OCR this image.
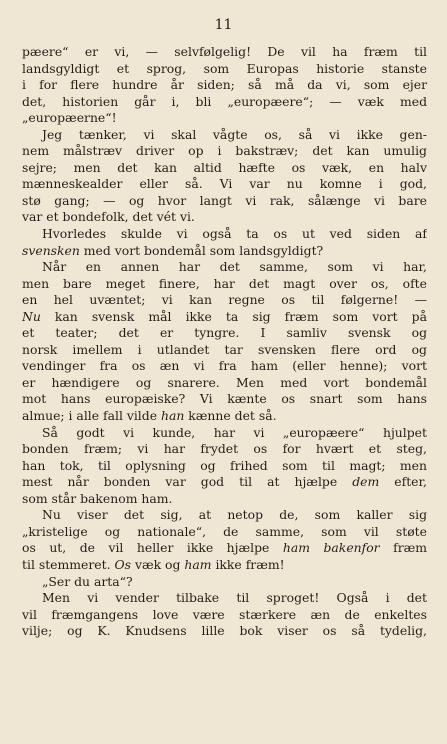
11
pæere“ er vi, — selvfølgelig! De vil ha fræm til
landsgyldigt et sprog, som Europas historie stanste
i for flere hundre år siden; så må da vi, som ejer
det, historien går i, bli „europæere“; — væk med
„europæerne“!
Jeg tænker, vi skal vågte os, så vi ikke gen-
nem målstræv driver op i bakstræv; det kan umulig
sejre; men det kan altid hæfte os væk, en halv
mænneskealder eller så. Vi var nu komne i god,
stø gang; — og hvor langt vi rak, sålænge vi bare
var et bondefolk, det vét vi.
Hvorledes skulde vi også ta os ut ved siden af
svensken med vort bondemål som landsgyldigt?
Når en annen har det samme, som vi har,
men bare meget finere, har det magt over os, ofte
en hel uvæntet; vi kan regne os til følgerne! —
Nu kan svensk mål ikke ta sig fræm som vort på
et teater; det er tyngre. I samliv svensk og
norsk imellem i utlandet tar svensken flere ord og
vendinger fra os æn vi fra ham (eller henne); vort
er hændigere og snarere. Men med vort bondemål
mot hans europæiske? Vi kænte os snart som hans
almue; i alle fall vilde han kænne det så.
Så godt vi kunde, har vi „europæere“ hjulpet
bonden fræm; vi har frydet os for hvært et steg,
han tok, til oplysning og frihed som til magt; men
mest når bonden var god til at hjælpe dem efter,
som står bakenom ham.
Nu viser det sig, at netop de, som kaller sig
„kristelige og nationale“, de samme, som vil støte
os ut, de vil heller ikke hjælpe ham bakenfor fræm
til stemmeret. Os væk og ham ikke fræm!
„Ser du arta“?
Men vi vender tilbake til sproget! Også i det
vil fræmgangens love være stærkere æn de enkeltes
vilje; og K. Knudsens lille bok viser os så tydelig,
